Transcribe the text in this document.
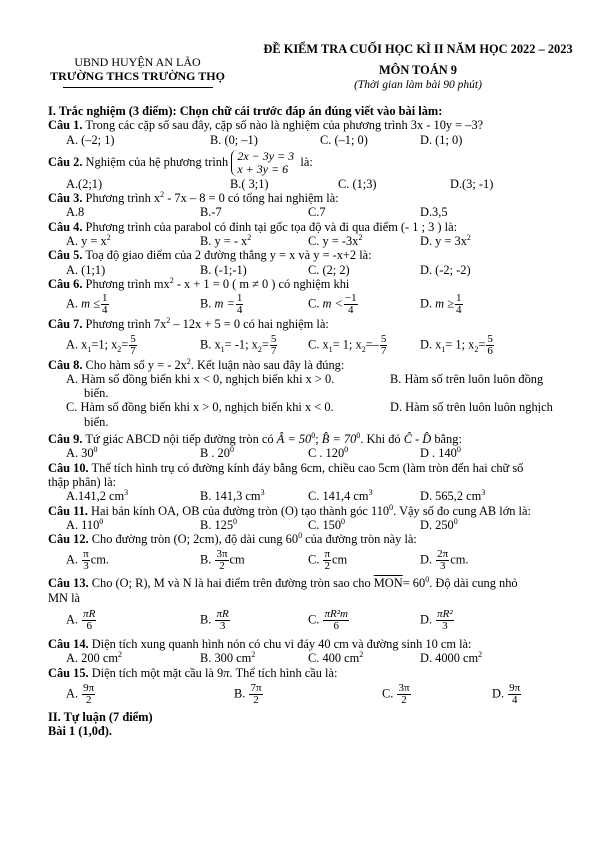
UBND HUYỆN AN LÃO
TRƯỜNG THCS TRƯỜNG THỌ
ĐỀ KIỂM TRA CUỐI HỌC KÌ II NĂM HỌC 2022 – 2023
MÔN TOÁN 9
(Thời gian làm bài 90 phút)
I. Trắc nghiệm (3 điểm): Chọn chữ cái trước đáp án đúng viết vào bài làm:
Câu 1. Trong các cặp số sau đây, cặp số nào là nghiệm của phương trình 3x - 10y = –3?
A. (–2; 1)	B. (0; –1)	C. (–1; 0)	D. (1; 0)
Câu 2. Nghiệm của hệ phương trình 2x − 3y = 3
x + 3y = 6
là:
A.(2;1)	B.( 3;1)	C. (1;3)	D.(3; -1)
Câu 3. Phương trình $x^2 - 7x - 8 = 0$ có tổng hai nghiệm là:
A.8	B.-7	C.7	D.3,5
Câu 4. Phương trình của parabol có đỉnh tại gốc tọa độ và đi qua điểm (- 1 ; 3 ) là:
A. $y = x^2$	B. y = - $x^2$	C. $y = -3x^2$	D. $y = 3x^2$
Câu 5. Toạ độ giao điểm của 2 đường thẳng y = x và y = -x+2 là:
A. (1;1)	B. (-1;-1)	C. (2; 2)	D. (-2; -2)
Câu 6. Phương trình $mx^2 - x + 1 = 0$ ( m ≠ 0 ) có nghiệm khi
A. $m \le \frac{1}{4}$	B. $m = \frac{1}{4}$	C. $m < \frac{-1}{4}$	D. $m \ge \frac{1}{4}$
Câu 7. Phương trình $7x^2 - 12x + 5 = 0$ có hai nghiệm là:
A. $x_1=1$; $x_2= \frac{5}{7}$	B. $x_1= -1$; $x_2= \frac{5}{7} C$. $x_1= 1$; $x_2=- \frac{5}{7}$	D. $x_1= 1$; $x_2= \frac{5}{6}$
Câu 8. Cho hàm số y = - $2x^2$. Kết luận nào sau đây là đúng:
A. Hàm số đồng biến khi x < 0, nghịch biến khi x > 0.	B. Hàm số trên luôn luôn đồng
biến.
C. Hàm số đồng biến khi x > 0, nghịch biến khi x < 0.	D. Hàm số trên luôn luôn nghịch
biến.
Câu 9. Tứ giác ABCD nội tiếp đường tròn có Â = $50^0$; B̂ = $70^0$. Khi đó Ĉ - D̂ bằng:
A. $30^0$	B . $20^0$	C . $120^0$	D . $140^0$
Câu 10. Thể tích hình trụ có đường kính đáy bằng 6cm, chiều cao 5cm (làm tròn đến hai chữ số
thập phân) là:
A.141,2 $cm^3$	B. 141,3 $cm^3$	C. 141,4 $cm^3$	D. 565,2 $cm^3$
Câu 11. Hai bán kính OA, OB của đường tròn (O) tạo thành góc $110^0$. Vậy số đo cung AB lớn là:
A. $110^0$	B. $125^0$	C. $150^0$	D. $250^0$
Câu 12. Cho đường tròn (O; 2cm), độ dài cung $60^0$ của đường tròn này là:
A. $\frac{\pi}{3}$ cm.	B. $\frac{3\pi}{2}$ cm	C. $\frac{\pi}{2}$ cm	D. $\frac{2\pi}{3}$ cm.
Câu 13. Cho (O; R), M và N là hai điểm trên đường tròn sao cho $\overline{MON}= 60^0$. Độ dài cung nhỏ
MN là
A. $\frac{\pi R}{6}$	B. $\frac{\pi R}{3}$	C. $\frac{\text{πR²m}}{6}$	D. $\frac{\text{πR²}}{3}$
Câu 14. Diện tích xung quanh hình nón có chu vi đáy 40 cm và đường sinh 10 cm là:
A. 200 $cm^2$	B. 300 $cm^2$	C. 400 $cm^2$	D. 4000 $cm^2$
Câu 15. Diện tích một mặt cầu là 9π. Thể tích hình cầu là:
A. $\frac{9\pi}{2}$	B. $\frac{7\pi}{2}$	C. $\frac{3\pi}{2}$	D. $\frac{9\pi}{4}$
II. Tự luận (7 điểm)
Bài 1 (1,0đ).
